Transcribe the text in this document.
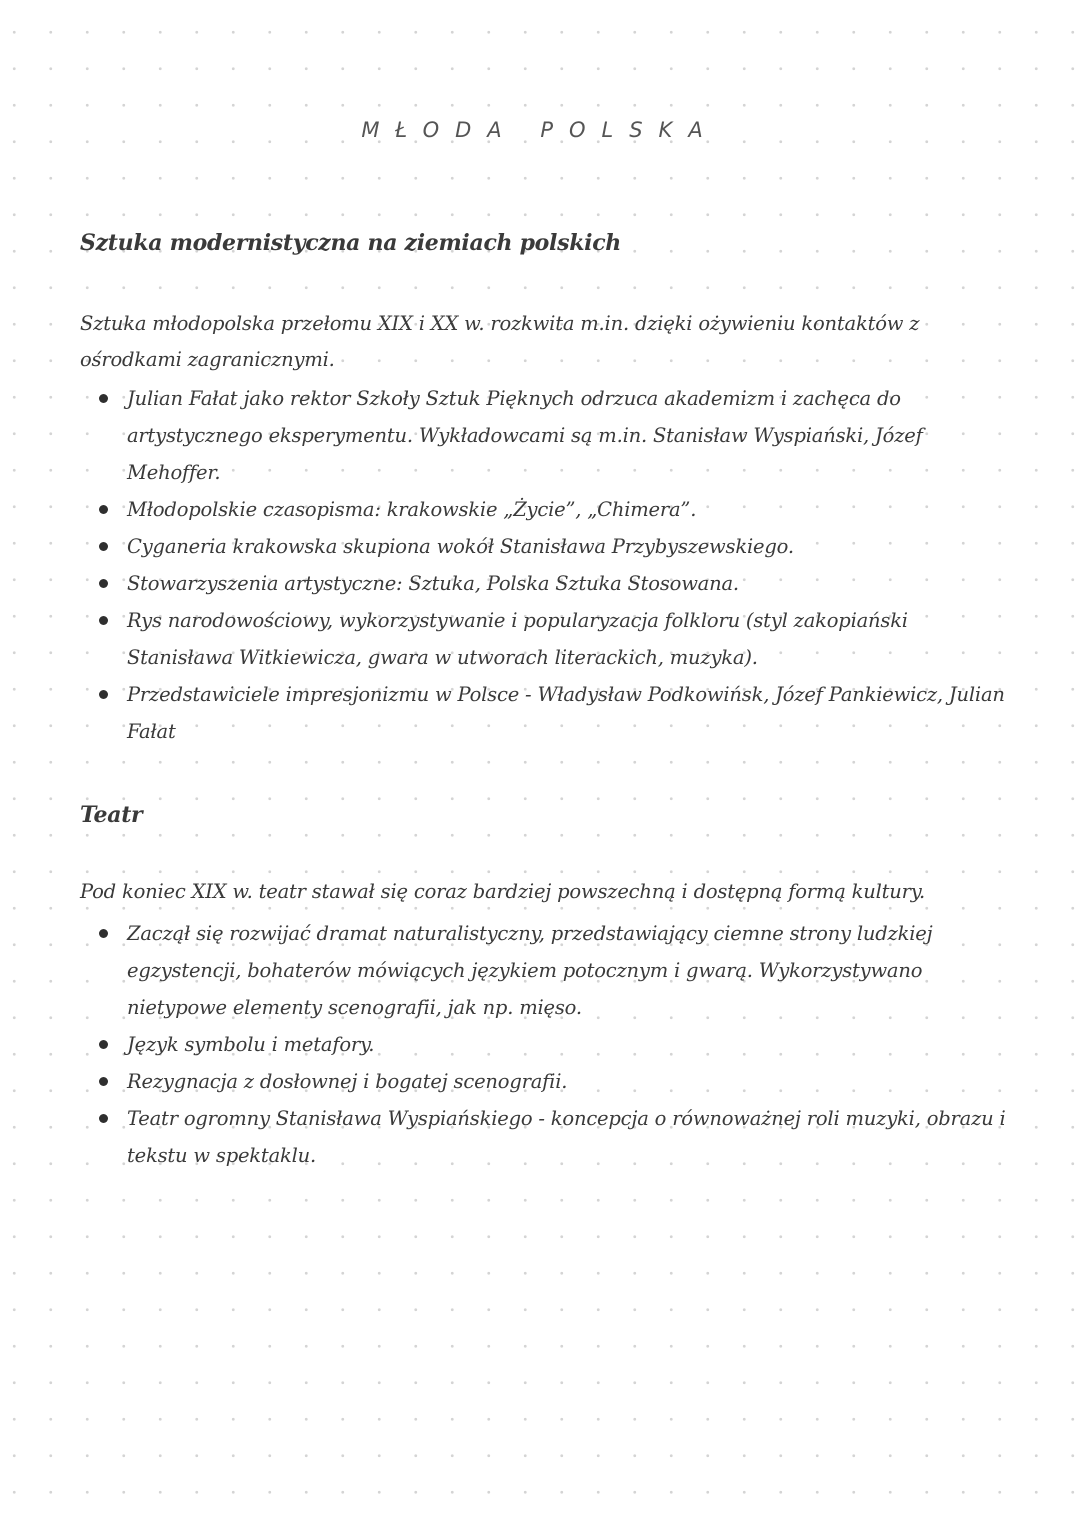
MŁODA POLSKA
Sztuka modernistyczna na ziemiach polskich
Sztuka młodopolska przełomu XIX i XX w. rozkwita m.in. dzięki ożywieniu kontaktów z ośrodkami zagranicznymi.
Julian Fałat jako rektor Szkoły Sztuk Pięknych odrzuca akademizm i zachęca do artystycznego eksperymentu. Wykładowcami są m.in. Stanisław Wyspiański, Józef Mehoffer.
Młodopolskie czasopisma: krakowskie „Życie”, „Chimera”.
Cyganeria krakowska skupiona wokół Stanisława Przybyszewskiego.
Stowarzyszenia artystyczne: Sztuka, Polska Sztuka Stosowana.
Rys narodowościowy, wykorzystywanie i popularyzacja folkloru (styl zakopiański Stanisława Witkiewicza, gwara w utworach literackich, muzyka).
Przedstawiciele impresjonizmu w Polsce - Władysław Podkowińsk, Józef Pankiewicz, Julian Fałat
Teatr
Pod koniec XIX w. teatr stawał się coraz bardziej powszechną i dostępną formą kultury.
Zaczął się rozwijać dramat naturalistyczny, przedstawiający ciemne strony ludzkiej egzystencji, bohaterów mówiących językiem potocznym i gwarą. Wykorzystywano nietypowe elementy scenografii, jak np. mięso.
Język symbolu i metafory.
Rezygnacja z dosłownej i bogatej scenografii.
Teatr ogromny Stanisława Wyspiańskiego - koncepcja o równoważnej roli muzyki, obrazu i tekstu w spektaklu.
